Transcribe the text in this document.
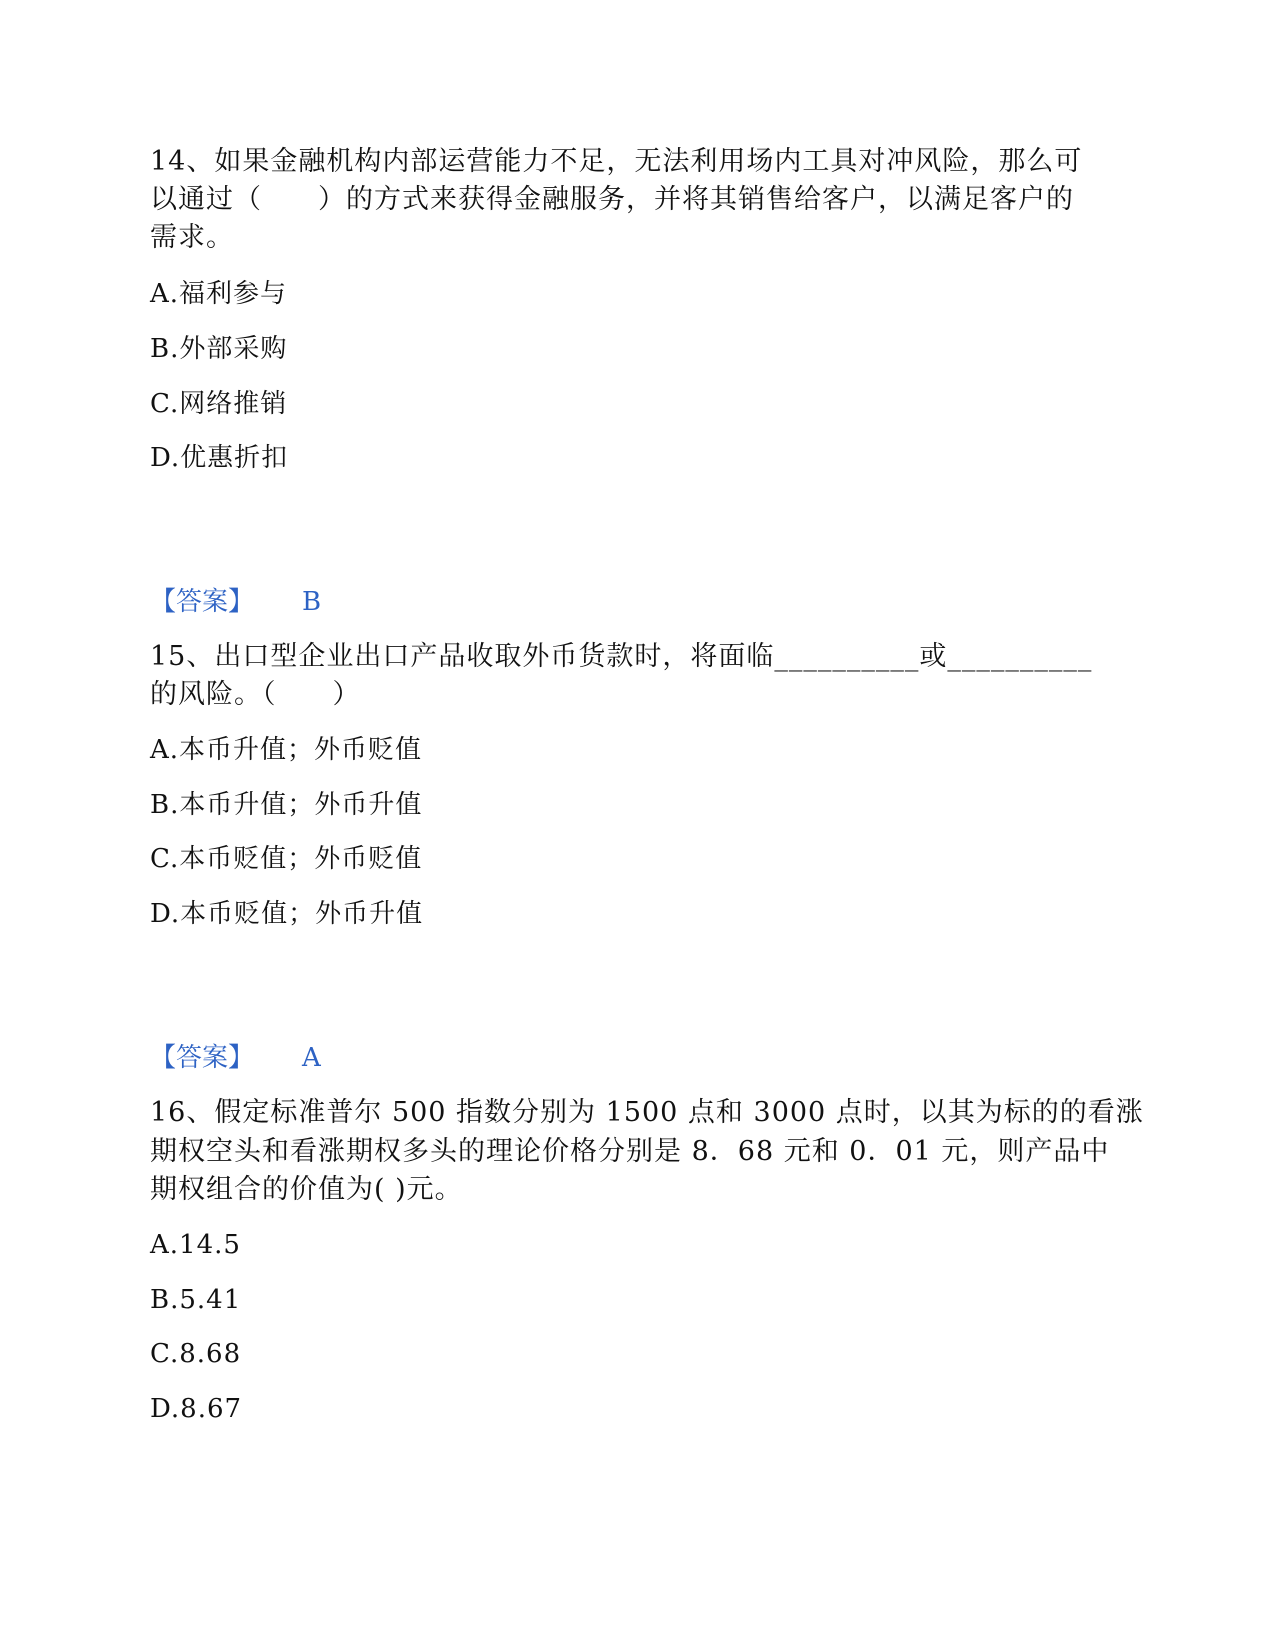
14、如果金融机构内部运营能力不足，无法利用场内工具对冲风险，那么可
以通过（　　）的方式来获得金融服务，并将其销售给客户，以满足客户的
需求。
A.福利参与
B.外部采购
C.网络推销
D.优惠折扣
【答案】 B
15、出口型企业出口产品收取外币货款时，将面临__________或__________
的风险。（　　）
A.本币升值；外币贬值
B.本币升值；外币升值
C.本币贬值；外币贬值
D.本币贬值；外币升值
【答案】 A
16、假定标准普尔 500 指数分别为 1500 点和 3000 点时，以其为标的的看涨
期权空头和看涨期权多头的理论价格分别是 8．68 元和 0．01 元，则产品中
期权组合的价值为( )元。
A.14.5
B.5.41
C.8.68
D.8.67
